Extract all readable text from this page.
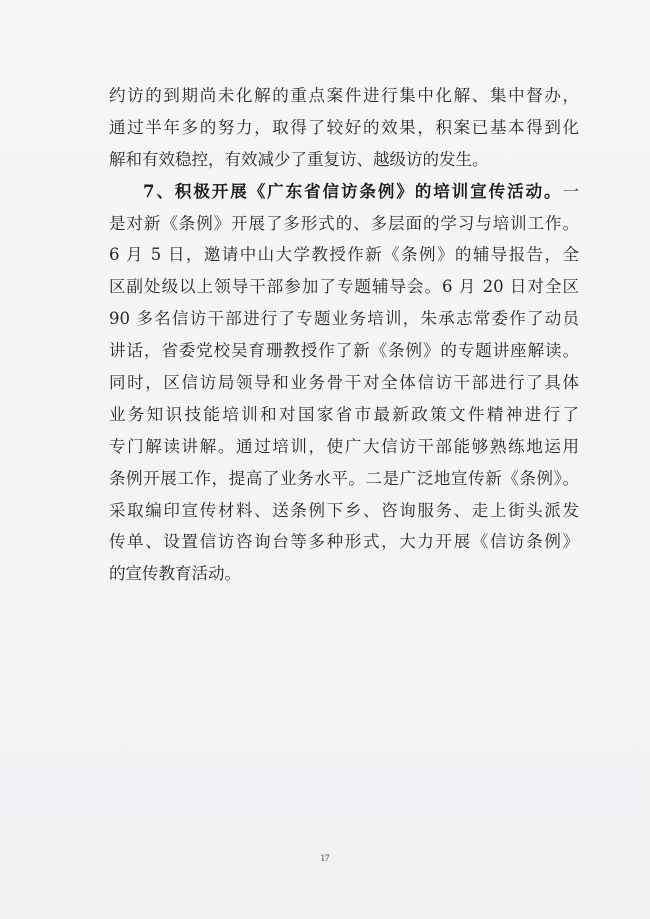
约访的到期尚未化解的重点案件进行集中化解、集中督办，
通过半年多的努力，取得了较好的效果，积案已基本得到化
解和有效稳控，有效减少了重复访、越级访的发生。
7、积极开展《广东省信访条例》的培训宣传活动。一
是对新《条例》开展了多形式的、多层面的学习与培训工作。
6 月 5 日，邀请中山大学教授作新《条例》的辅导报告，全
区副处级以上领导干部参加了专题辅导会。6 月 20 日对全区
90 多名信访干部进行了专题业务培训，朱承志常委作了动员
讲话，省委党校吴育珊教授作了新《条例》的专题讲座解读。
同时，区信访局领导和业务骨干对全体信访干部进行了具体
业务知识技能培训和对国家省市最新政策文件精神进行了
专门解读讲解。通过培训，使广大信访干部能够熟练地运用
条例开展工作，提高了业务水平。二是广泛地宣传新《条例》。
采取编印宣传材料、送条例下乡、咨询服务、走上街头派发
传单、设置信访咨询台等多种形式，大力开展《信访条例》
的宣传教育活动。
17
